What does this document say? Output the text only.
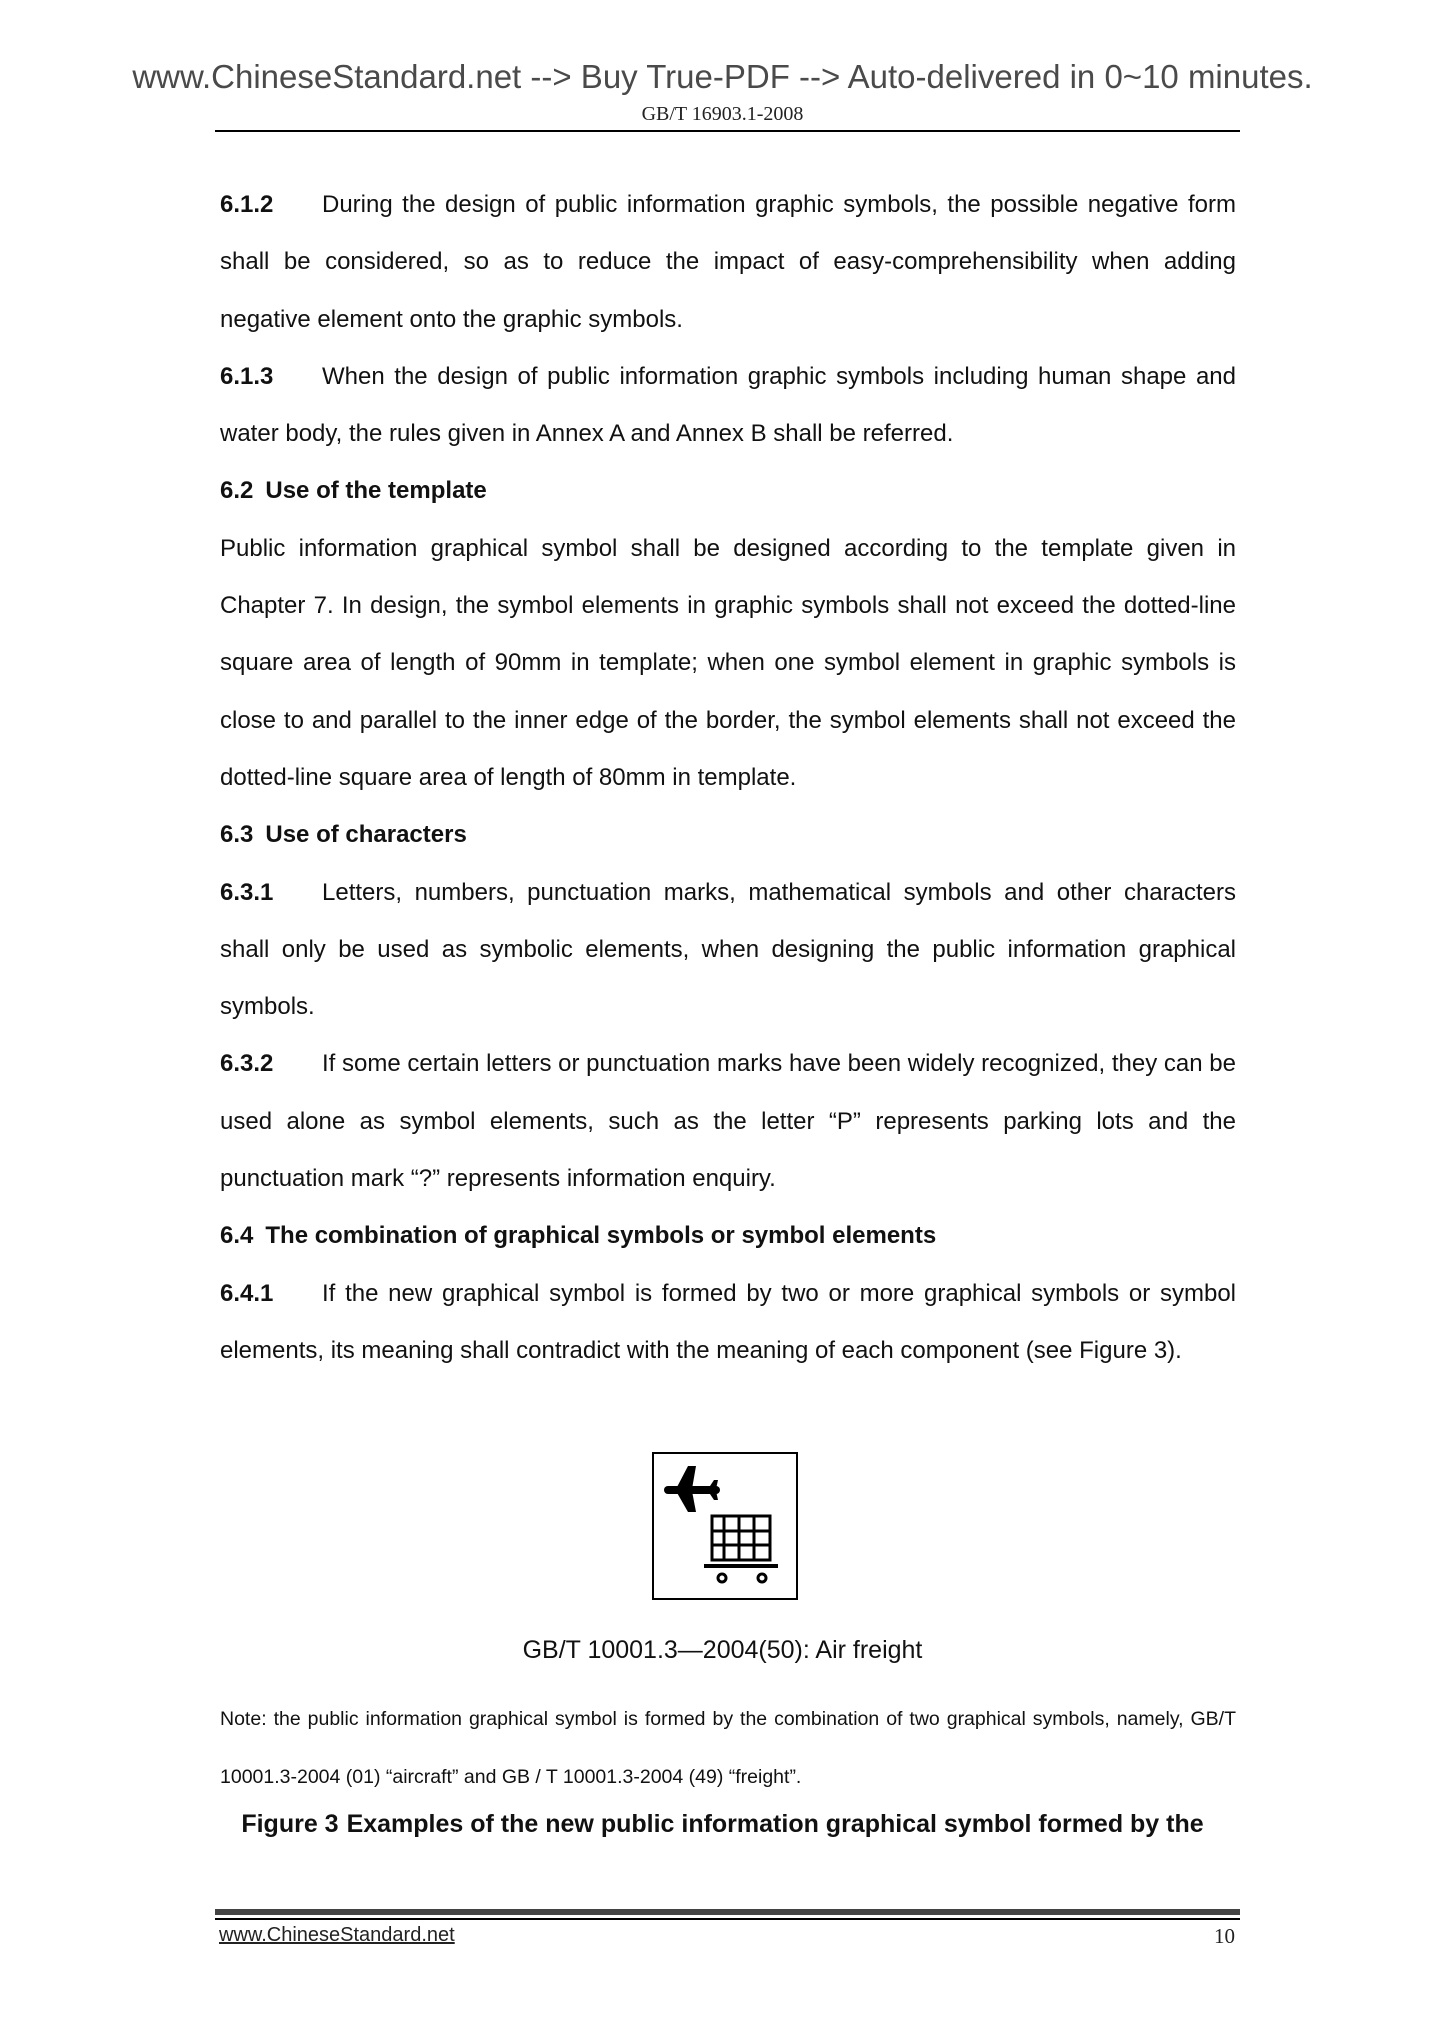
www.ChineseStandard.net --> Buy True-PDF --> Auto-delivered in 0~10 minutes.
GB/T 16903.1-2008

6.1.2 During the design of public information graphic symbols, the possible negative form shall be considered, so as to reduce the impact of easy-comprehensibility when adding negative element onto the graphic symbols.

6.1.3 When the design of public information graphic symbols including human shape and water body, the rules given in Annex A and Annex B shall be referred.

6.2 Use of the template

Public information graphical symbol shall be designed according to the template given in Chapter 7. In design, the symbol elements in graphic symbols shall not exceed the dotted-line square area of length of 90mm in template; when one symbol element in graphic symbols is close to and parallel to the inner edge of the border, the symbol elements shall not exceed the dotted-line square area of length of 80mm in template.

6.3 Use of characters

6.3.1 Letters, numbers, punctuation marks, mathematical symbols and other characters shall only be used as symbolic elements, when designing the public information graphical symbols.

6.3.2 If some certain letters or punctuation marks have been widely recognized, they can be used alone as symbol elements, such as the letter “P” represents parking lots and the punctuation mark “?” represents information enquiry.

6.4 The combination of graphical symbols or symbol elements

6.4.1 If the new graphical symbol is formed by two or more graphical symbols or symbol elements, its meaning shall contradict with the meaning of each component (see Figure 3).

GB/T 10001.3—2004(50): Air freight
Note: the public information graphical symbol is formed by the combination of two graphical symbols, namely, GB/T 10001.3-2004 (01) “aircraft” and GB / T 10001.3-2004 (49) “freight”.
Figure 3 Examples of the new public information graphical symbol formed by the
www.ChineseStandard.net	10
